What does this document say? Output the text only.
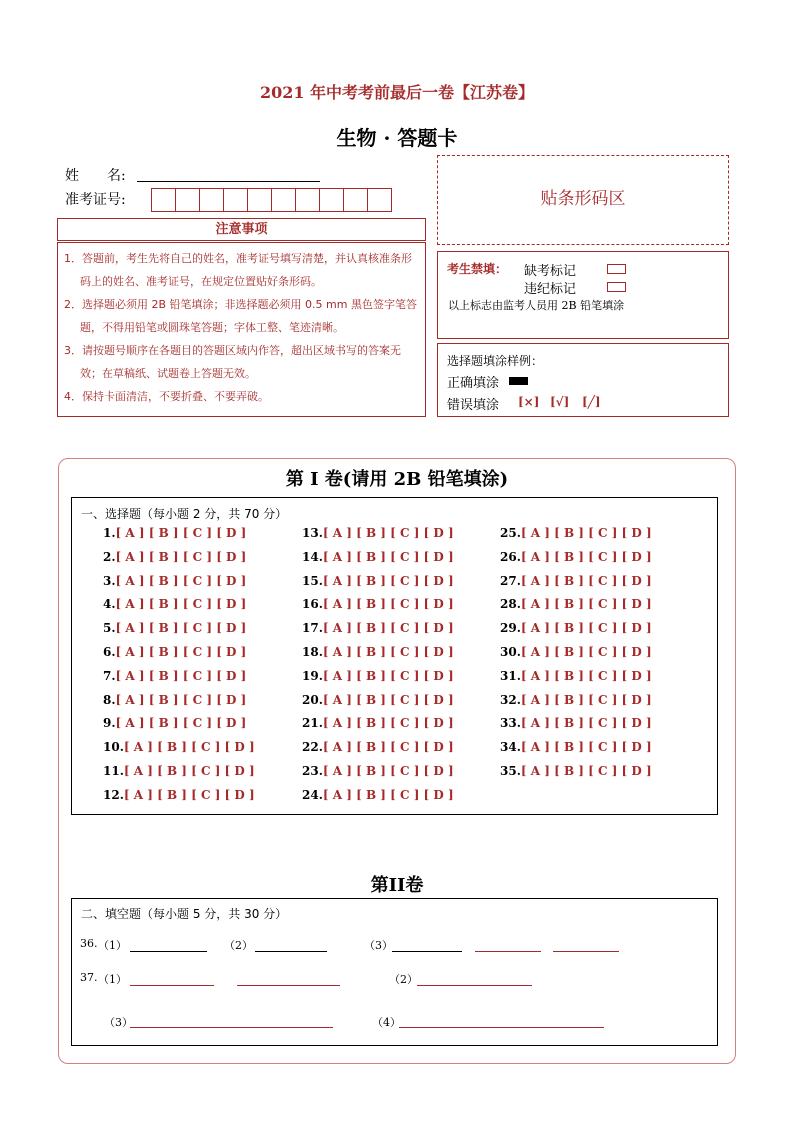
2021 年中考考前最后一卷【江苏卷】
生物 · 答题卡
姓　　名:
准考证号:
注意事项
1．答题前，考生先将自己的姓名，准考证号填写清楚，并认真核准条形码上的姓名、准考证号，在规定位置贴好条形码。
2．选择题必须用 2B 铅笔填涂；非选择题必须用 0.5 mm 黑色签字笔答题，不得用铅笔或圆珠笔答题；字体工整、笔迹清晰。
3．请按题号顺序在各题目的答题区域内作答，超出区域书写的答案无效；在草稿纸、试题卷上答题无效。
4．保持卡面清洁，不要折叠、不要弄破。
贴条形码区
考生禁填： 缺考标记
违纪标记
以上标志由监考人员用 2B 铅笔填涂
选择题填涂样例：
正确填涂
错误填涂 [×] [√] [╱]
第 I 卷(请用 2B 铅笔填涂)
一、选择题（每小题 2 分，共 70 分）
1.[ A ] [ B ] [ C ] [ D ]
2.[ A ] [ B ] [ C ] [ D ]
3.[ A ] [ B ] [ C ] [ D ]
4.[ A ] [ B ] [ C ] [ D ]
5.[ A ] [ B ] [ C ] [ D ]
6.[ A ] [ B ] [ C ] [ D ]
7.[ A ] [ B ] [ C ] [ D ]
8.[ A ] [ B ] [ C ] [ D ]
9.[ A ] [ B ] [ C ] [ D ]
10.[ A ] [ B ] [ C ] [ D ]
11.[ A ] [ B ] [ C ] [ D ]
12.[ A ] [ B ] [ C ] [ D ]
13.[ A ] [ B ] [ C ] [ D ]
14.[ A ] [ B ] [ C ] [ D ]
15.[ A ] [ B ] [ C ] [ D ]
16.[ A ] [ B ] [ C ] [ D ]
17.[ A ] [ B ] [ C ] [ D ]
18.[ A ] [ B ] [ C ] [ D ]
19.[ A ] [ B ] [ C ] [ D ]
20.[ A ] [ B ] [ C ] [ D ]
21.[ A ] [ B ] [ C ] [ D ]
22.[ A ] [ B ] [ C ] [ D ]
23.[ A ] [ B ] [ C ] [ D ]
24.[ A ] [ B ] [ C ] [ D ]
25.[ A ] [ B ] [ C ] [ D ]
26.[ A ] [ B ] [ C ] [ D ]
27.[ A ] [ B ] [ C ] [ D ]
28.[ A ] [ B ] [ C ] [ D ]
29.[ A ] [ B ] [ C ] [ D ]
30.[ A ] [ B ] [ C ] [ D ]
31.[ A ] [ B ] [ C ] [ D ]
32.[ A ] [ B ] [ C ] [ D ]
33.[ A ] [ B ] [ C ] [ D ]
34.[ A ] [ B ] [ C ] [ D ]
35.[ A ] [ B ] [ C ] [ D ]
第II卷
二、填空题（每小题 5 分，共 30 分）
36. （1）	（2）	（3）
37. （1）	（2）
（3）	（4）
